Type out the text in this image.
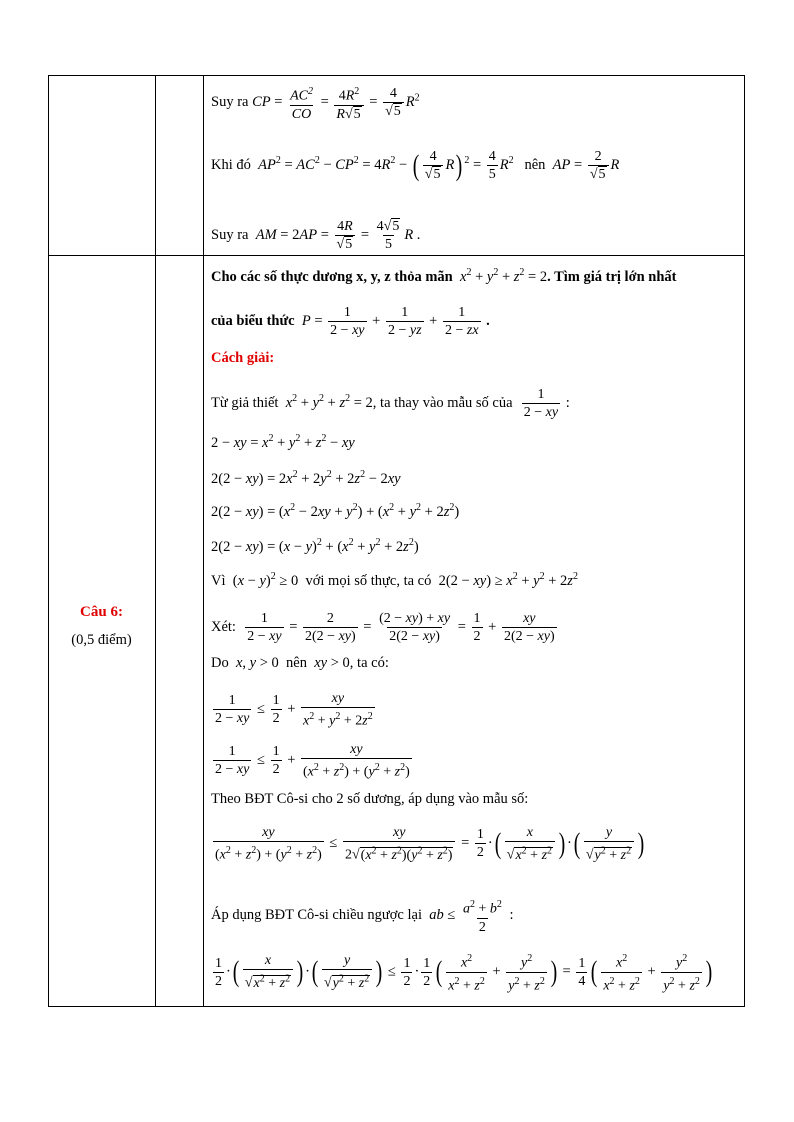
Suy ra CP = $\frac{AC^2}{CO} = \frac{4R^2}{R√5} = \frac{4}{√5} R^2$
Khi đó $AP^2 = AC^2 - CP^2 = 4R^2$ − ( $\frac{4}{√5} R$) $^2 = \frac{4}{5} R^2$ nên AP = $\frac{2}{√5}$ R
Suy ra AM = $2AP = \frac{4R}{√5} = \frac{4√5}{5}$ R .
Câu 6:
(0,5 điểm)
Cho các số thực dương x, y, z thỏa mãn $x^2 + y^2 + z^2 = 2$. Tìm giá trị lớn nhất
của biểu thức $P = \frac{1}{2 - xy} + \frac{1}{2 - yz} + \frac{1}{2 - zx}$ .
Cách giải:
Từ giả thiết $x^2 + y^2 + z^2 = 2$, ta thay vào mẫu số của $\frac{1}{2 - xy}$ :
2 − xy = $x^2 + y^2 + z^2$ − xy
$2(2 - xy) = 2x^2 + 2y^2 + 2z^2 - 2xy$
$2(2 - xy) = (x^2 - 2xy + y^2) + (x^2 + y^2 + 2z^2)$
$2(2 - xy) = (x - y)^2 + (x^2 + y^2 + 2z^2)$
Vì  $(x - y)^2 \ge 0$  với mọi số thực, ta có  $2(2 - xy) \ge x^2 + y^2 + 2z^2$
Xét: $\frac{1}{2 - xy} = \frac{2}{2(2 - xy)} = \frac{(2 - xy) + xy}{2(2 - xy)} = \frac{1}{2} + \frac{xy}{2(2 - xy)}$
Do x, y > 0  nên xy > 0, ta có:
$\frac{1}{2 - xy} \le \frac{1}{2} + \frac{xy}{x^2 + y^2 + 2z^2}$
$\frac{1}{2 - xy} \le \frac{1}{2} + \frac{xy}{(x^2 + z^2) + (y^2 + z^2)}$
Theo BĐT Cô-si cho 2 số dương, áp dụng vào mẫu số:
$\frac{xy}{(x^2 + z^2) + (y^2 + z^2)} \le \frac{xy}{2√(x^2 + z^2)(y^2 + z^2)} = \frac{1}{2}$ ·( $\frac{x}{√x^2 + z^2}$ ) ·( $\frac{y}{√y^2 + z^2}$ )
Áp dụng BĐT Cô-si chiều ngược lại ab ≤ $\frac{a^2 + b^2}{2}$ :
$\frac{1}{2}$ ·( $\frac{x}{√x^2 + z^2}$ ) ·( $\frac{y}{√y^2 + z^2}$ ) ≤ $\frac{1}{2} \cdot \frac{1}{2}$ ( $\frac{x^2}{x^2 + z^2} + \frac{y^2}{y^2 + z^2}$ ) = $\frac{1}{4}$ ( $\frac{x^2}{x^2 + z^2} + \frac{y^2}{y^2 + z^2}$ )
